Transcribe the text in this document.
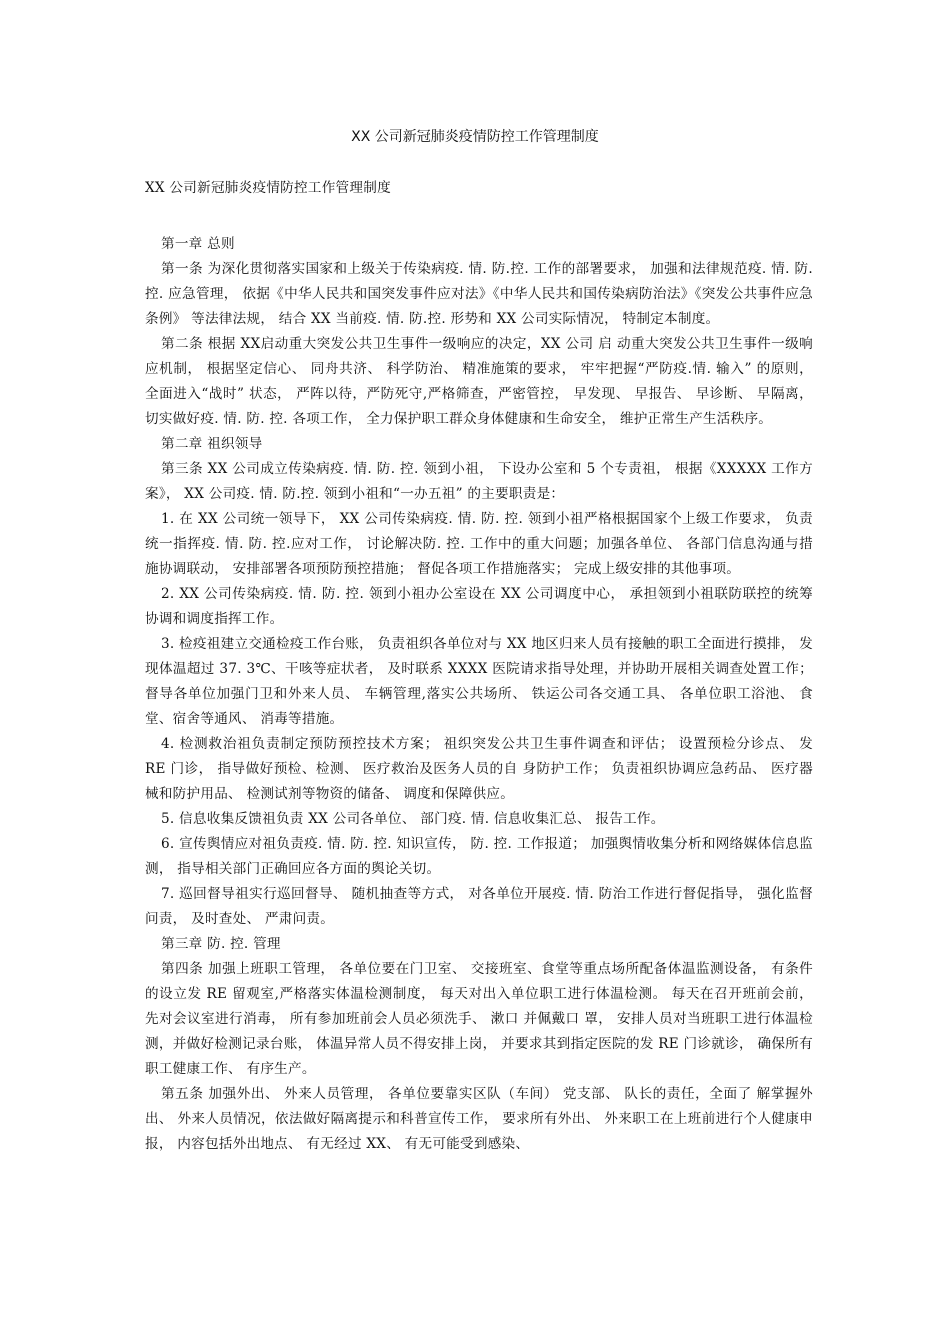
XX 公司新冠肺炎疫情防控工作管理制度

XX 公司新冠肺炎疫情防控工作管理制度

第一章 总则

第一条 为深化贯彻落实国家和上级关于传染病疫. 情. 防.控. 工作的部署要求， 加强和法律规范疫. 情. 防. 控. 应急管理， 依据《中华人民共和国突发事件应对法》《中华人民共和国传染病防治法》《突发公共事件应急条例》 等法律法规， 结合 XX 当前疫. 情. 防.控. 形势和 XX 公司实际情况， 特制定本制度。

第二条 根据 XX启动重大突发公共卫生事件一级响应的决定，XX 公司 启 动重大突发公共卫生事件一级响应机制， 根据坚定信心、 同舟共济、 科学防治、 精准施策的要求， 牢牢把握“严防疫.情. 输入” 的原则， 全面进入“战时” 状态， 严阵以待，严防死守,严格筛查，严密管控， 早发现、 早报告、 早诊断、 早隔离， 切实做好疫. 情. 防. 控. 各项工作， 全力保护职工群众身体健康和生命安全， 维护正常生产生活秩序。

第二章 祖织领导

第三条 XX 公司成立传染病疫. 情. 防. 控. 领到小祖， 下设办公室和 5 个专责祖， 根据《XXXXX 工作方案》， XX 公司疫. 情. 防.控. 领到小祖和“一办五祖” 的主要职责是：

1. 在 XX 公司统一领导下， XX 公司传染病疫. 情. 防. 控. 领到小祖严格根据国家个上级工作要求， 负责统一指挥疫. 情. 防. 控.应对工作， 讨论解决防. 控. 工作中的重大问题；加强各单位、 各部门信息沟通与措施协调联动， 安排部署各项预防预控措施； 督促各项工作措施落实； 完成上级安排的其他事项。

2. XX 公司传染病疫. 情. 防. 控. 领到小祖办公室设在 XX 公司调度中心， 承担领到小祖联防联控的统筹协调和调度指挥工作。

3. 检疫祖建立交通检疫工作台账， 负责祖织各单位对与 XX 地区归来人员有接触的职工全面进行摸排， 发现体温超过 37. 3℃、干咳等症状者， 及时联系 XXXX 医院请求指导处理，并协助开展相关调查处置工作； 督导各单位加强门卫和外来人员、 车辆管理,落实公共场所、 铁运公司各交通工具、 各单位职工浴池、 食堂、宿舍等通风、 消毒等措施。

4. 检测救治祖负责制定预防预控技术方案； 祖织突发公共卫生事件调查和评估； 设置预检分诊点、 发 RE 门诊， 指导做好预检、检测、 医疗救治及医务人员的自 身防护工作； 负责祖织协调应急药品、 医疗器械和防护用品、 检测试剂等物资的储备、 调度和保障供应。

5. 信息收集反馈祖负责 XX 公司各单位、 部门疫. 情. 信息收集汇总、 报告工作。

6. 宣传舆情应对祖负责疫. 情. 防. 控. 知识宣传， 防. 控. 工作报道； 加强舆情收集分析和网络媒体信息监测， 指导相关部门正确回应各方面的舆论关切。

7. 巡回督导祖实行巡回督导、 随机抽查等方式， 对各单位开展疫. 情. 防治工作进行督促指导， 强化监督问责， 及时查处、 严肃问责。

第三章 防. 控. 管理

第四条 加强上班职工管理， 各单位要在门卫室、 交接班室、食堂等重点场所配备体温监测设备， 有条件的设立发 RE 留观室,严格落实体温检测制度， 每天对出入单位职工进行体温检测。 每天在召开班前会前， 先对会议室进行消毒， 所有参加班前会人员必须洗手、 漱口 并佩戴口 罩， 安排人员对当班职工进行体温检测，并做好检测记录台账， 体温异常人员不得安排上岗， 并要求其到指定医院的发 RE 门诊就诊， 确保所有职工健康工作、 有序生产。

第五条 加强外出、 外来人员管理， 各单位要靠实区队（车间） 党支部、 队长的责任，全面了 解掌握外出、 外来人员情况，依法做好隔离提示和科普宣传工作， 要求所有外出、 外来职工在上班前进行个人健康申报， 内容包括外出地点、 有无经过 XX、 有无可能受到感染、
